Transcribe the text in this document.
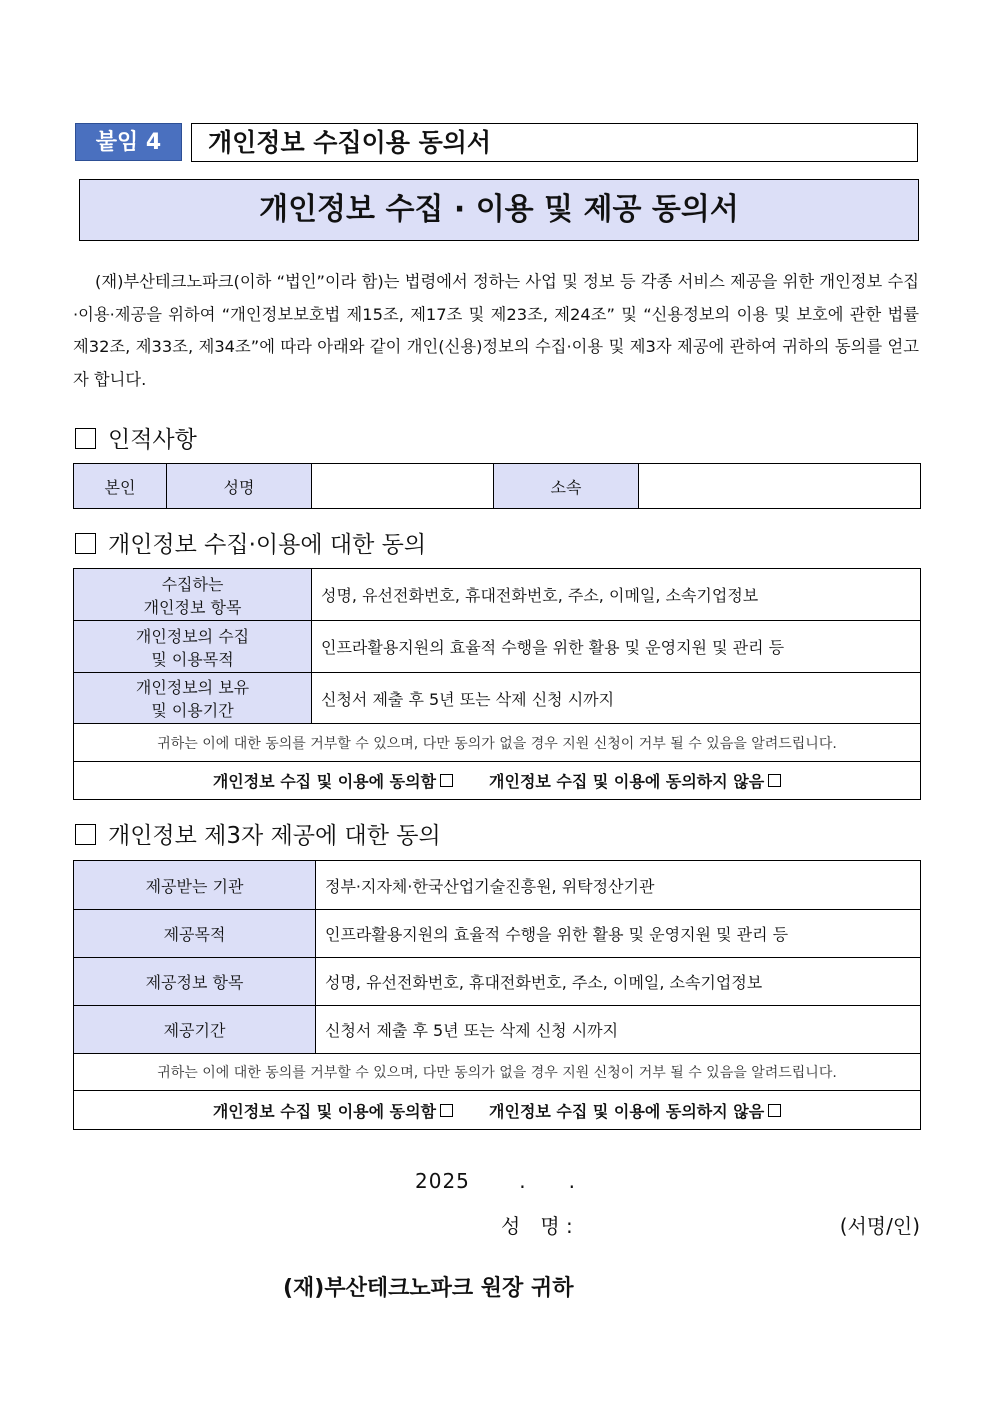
붙임 4	개인정보 수집이용 동의서
개인정보 수집 · 이용 및 제공 동의서

(재)부산테크노파크(이하 “법인”이라 함)는 법령에서 정하는 사업 및 정보 등 각종 서비스 제공을 위한 개인정보 수집·이용·제공을 위하여 “개인정보보호법 제15조, 제17조 및 제23조, 제24조” 및 “신용정보의 이용 및 보호에 관한 법률 제32조, 제33조, 제34조”에 따라 아래와 같이 개인(신용)정보의 수집·이용 및 제3자 제공에 관하여 귀하의 동의를 얻고자 합니다.

인적사항
본인	성명		소속	
개인정보 수집·이용에 대한 동의
수집하는
개인정보 항목	성명, 유선전화번호, 휴대전화번호, 주소, 이메일, 소속기업정보

개인정보의 수집
및 이용목적	인프라활용지원의 효율적 수행을 위한 활용 및 운영지원 및 관리 등

개인정보의 보유
및 이용기간	신청서 제출 후 5년 또는 삭제 신청 시까지
귀하는 이에 대한 동의를 거부할 수 있으며, 다만 동의가 없을 경우 지원 신청이 거부 될 수 있음을 알려드립니다.	
개인정보 수집 및 이용에 동의함 개인정보 수집 및 이용에 동의하지 않음	
개인정보 제3자 제공에 대한 동의
제공받는 기관	정부·지자체·한국산업기술진흥원, 위탁정산기관
제공목적	인프라활용지원의 효율적 수행을 위한 활용 및 운영지원 및 관리 등
제공정보 항목	성명, 유선전화번호, 휴대전화번호, 주소, 이메일, 소속기업정보
제공기간	신청서 제출 후 5년 또는 삭제 신청 시까지
귀하는 이에 대한 동의를 거부할 수 있으며, 다만 동의가 없을 경우 지원 신청이 거부 될 수 있음을 알려드립니다.	
개인정보 수집 및 이용에 동의함 개인정보 수집 및 이용에 동의하지 않음	
2025　　 .　　.
성　명 :	(서명/인)
(재)부산테크노파크 원장 귀하
